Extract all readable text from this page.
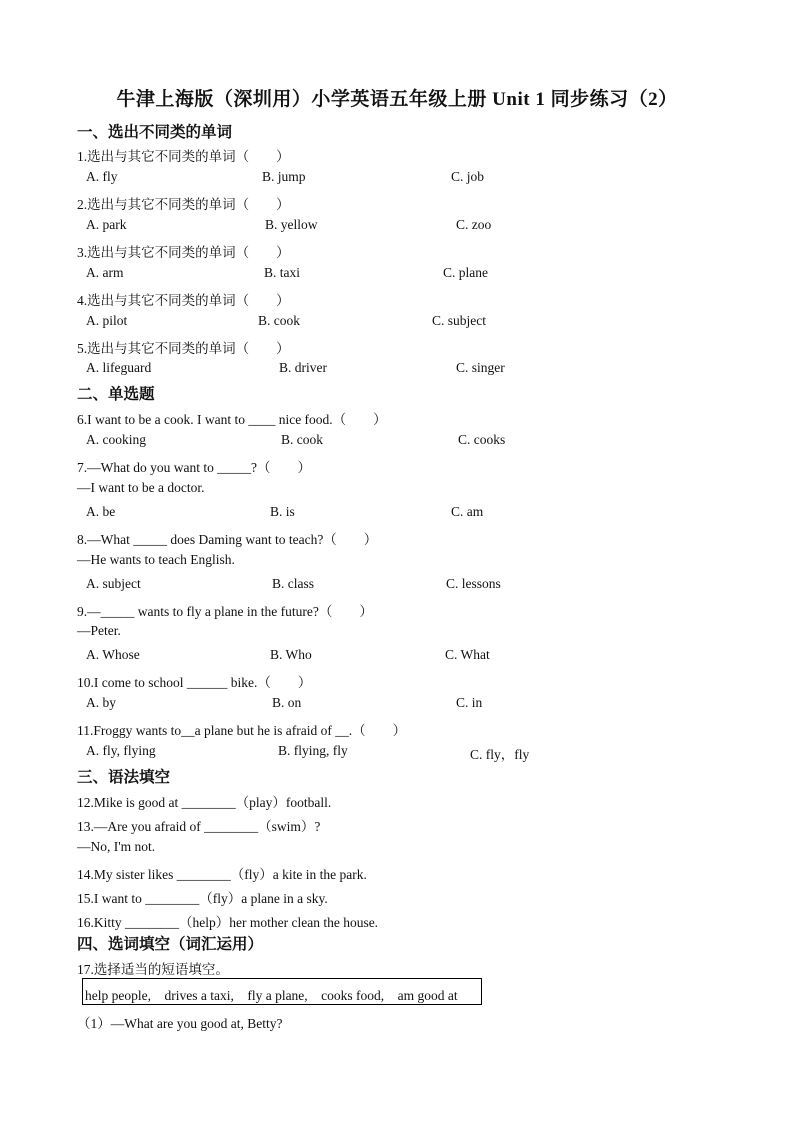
牛津上海版（深圳用）小学英语五年级上册 Unit 1 同步练习（2）
一、选出不同类的单词
1.选出与其它不同类的单词（　　）
A. fly	B. jump	C. job
2.选出与其它不同类的单词（　　）
A. park	B. yellow	C. zoo
3.选出与其它不同类的单词（　　）
A. arm	B. taxi	C. plane
4.选出与其它不同类的单词（　　）
A. pilot	B. cook	C. subject
5.选出与其它不同类的单词（　　）
A. lifeguard	B. driver	C. singer
二、单选题
6.I want to be a cook. I want to ____ nice food.（　　）
A. cooking	B. cook	C. cooks
7.—What do you want to _____?（　　）
—I want to be a doctor.
A. be	B. is	C. am
8.—What _____ does Daming want to teach?（　　）
—He wants to teach English.
A. subject	B. class	C. lessons
9.—_____ wants to fly a plane in the future?（　　）
—Peter.
A. Whose	B. Who	C. What
10.I come to school ______ bike.（　　）
A. by	B. on	C. in
11.Froggy wants to__a plane but he is afraid of __.（　　）
A. fly, flying	B. flying, fly	C. fly，fly
三、语法填空
12.Mike is good at ________（play）football.
13.—Are you afraid of ________（swim）?
—No, I'm not.
14.My sister likes ________（fly）a kite in the park.
15.I want to ________（fly）a plane in a sky.
16.Kitty ________（help）her mother clean the house.
四、选词填空（词汇运用）
17.选择适当的短语填空。
help people,　drives a taxi,　fly a plane,　cooks food,　am good at
（1）—What are you good at, Betty?
